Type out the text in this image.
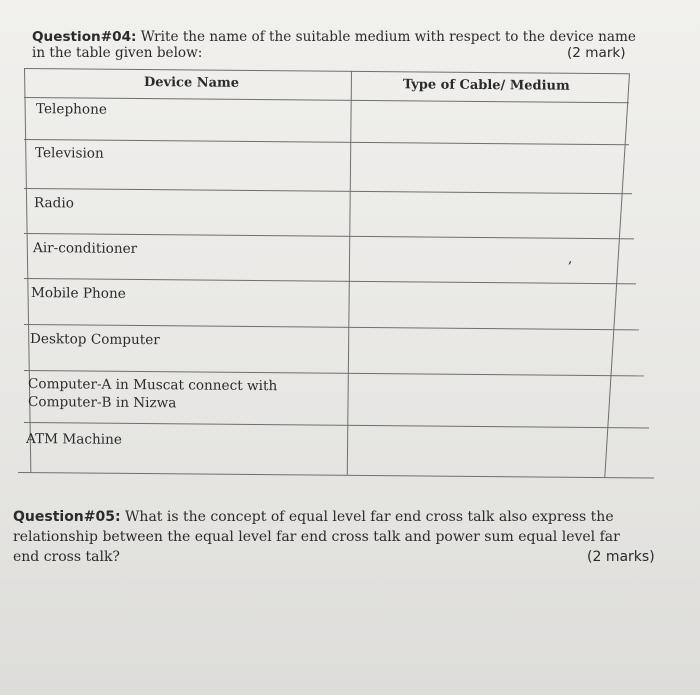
Question#04: Write the name of the suitable medium with respect to the device name
in the table given below:	(2 mark)
Device Name	Type of Cable/ Medium
Telephone
Television
Radio
Air-conditioner
,
Mobile Phone
Desktop Computer
Computer-A in Muscat connect with
Computer-B in Nizwa
ATM Machine
Question#05: What is the concept of equal level far end cross talk also express the
relationship between the equal level far end cross talk and power sum equal level far
end cross talk?	(2 marks)
